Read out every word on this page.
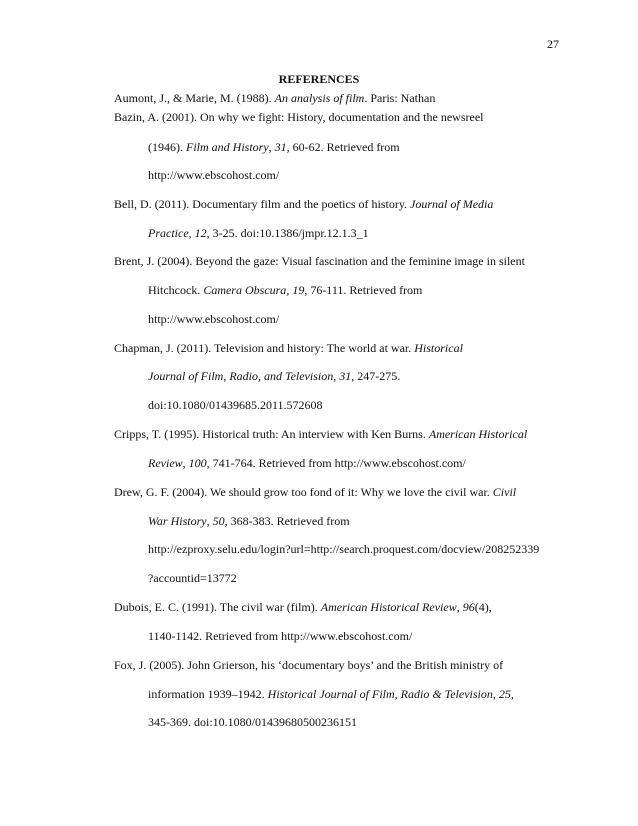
27
REFERENCES
Aumont, J., & Marie, M. (1988). An analysis of film. Paris: Nathan
Bazin, A. (2001). On why we fight: History, documentation and the newsreel
(1946). Film and History, 31, 60-62. Retrieved from
http://www.ebscohost.com/
Bell, D. (2011). Documentary film and the poetics of history. Journal of Media
Practice, 12, 3-25. doi:10.1386/jmpr.12.1.3_1
Brent, J. (2004). Beyond the gaze: Visual fascination and the feminine image in silent
Hitchcock. Camera Obscura, 19, 76-111. Retrieved from
http://www.ebscohost.com/
Chapman, J. (2011). Television and history: The world at war. Historical
Journal of Film, Radio, and Television, 31, 247-275.
doi:10.1080/01439685.2011.572608
Cripps, T. (1995). Historical truth: An interview with Ken Burns. American Historical
Review, 100, 741-764. Retrieved from http://www.ebscohost.com/
Drew, G. F. (2004). We should grow too fond of it: Why we love the civil war. Civil
War History, 50, 368-383. Retrieved from
http://ezproxy.selu.edu/login?url=http://search.proquest.com/docview/208252339
?accountid=13772
Dubois, E. C. (1991). The civil war (film). American Historical Review, 96(4),
1140-1142. Retrieved from http://www.ebscohost.com/
Fox, J. (2005). John Grierson, his ‘documentary boys’ and the British ministry of
information 1939–1942. Historical Journal of Film, Radio & Television, 25,
345-369. doi:10.1080/01439680500236151
